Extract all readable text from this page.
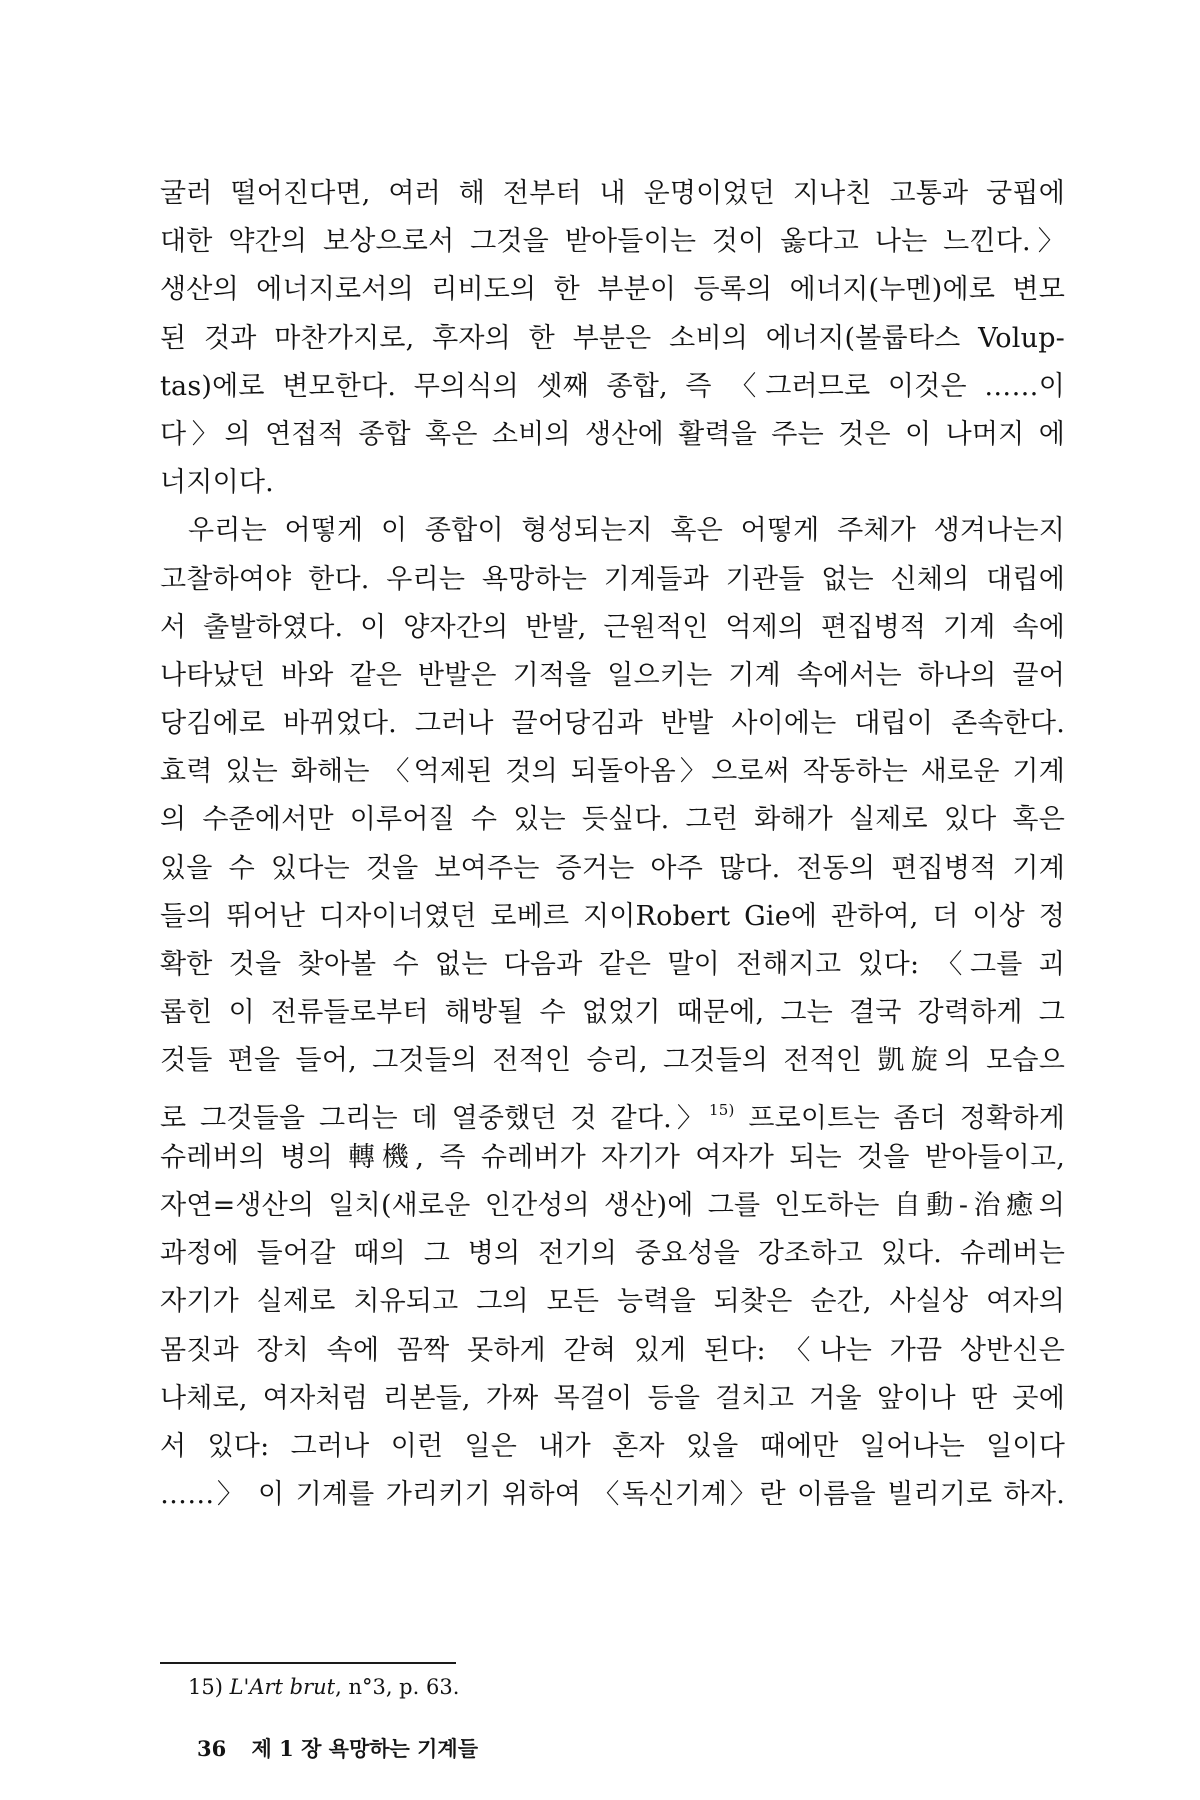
굴러 떨어진다면, 여러 해 전부터 내 운명이었던 지나친 고통과 궁핍에
대한 약간의 보상으로서 그것을 받아들이는 것이 옳다고 나는 느낀다.〉
생산의 에너지로서의 리비도의 한 부분이 등록의 에너지(누멘)에로 변모
된 것과 마찬가지로, 후자의 한 부분은 소비의 에너지(볼룹타스 Volup-
tas)에로 변모한다. 무의식의 셋째 종합, 즉 〈그러므로 이것은 ……이
다〉의 연접적 종합 혹은 소비의 생산에 활력을 주는 것은 이 나머지 에
너지이다.
우리는 어떻게 이 종합이 형성되는지 혹은 어떻게 주체가 생겨나는지
고찰하여야 한다. 우리는 욕망하는 기계들과 기관들 없는 신체의 대립에
서 출발하였다. 이 양자간의 반발, 근원적인 억제의 편집병적 기계 속에
나타났던 바와 같은 반발은 기적을 일으키는 기계 속에서는 하나의 끌어
당김에로 바뀌었다. 그러나 끌어당김과 반발 사이에는 대립이 존속한다.
효력 있는 화해는 〈억제된 것의 되돌아옴〉으로써 작동하는 새로운 기계
의 수준에서만 이루어질 수 있는 듯싶다. 그런 화해가 실제로 있다 혹은
있을 수 있다는 것을 보여주는 증거는 아주 많다. 전동의 편집병적 기계
들의 뛰어난 디자이너였던 로베르 지이Robert Gie에 관하여, 더 이상 정
확한 것을 찾아볼 수 없는 다음과 같은 말이 전해지고 있다: 〈그를 괴
롭힌 이 전류들로부터 해방될 수 없었기 때문에, 그는 결국 강력하게 그
것들 편을 들어, 그것들의 전적인 승리, 그것들의 전적인 凱旋의 모습으
로 그것들을 그리는 데 열중했던 것 같다.〉$^{15)}$ 프로이트는 좀더 정확하게
슈레버의 병의 轉機, 즉 슈레버가 자기가 여자가 되는 것을 받아들이고,
자연=생산의 일치(새로운 인간성의 생산)에 그를 인도하는 自動-治癒의
과정에 들어갈 때의 그 병의 전기의 중요성을 강조하고 있다. 슈레버는
자기가 실제로 치유되고 그의 모든 능력을 되찾은 순간, 사실상 여자의
몸짓과 장치 속에 꼼짝 못하게 갇혀 있게 된다: 〈나는 가끔 상반신은
나체로, 여자처럼 리본들, 가짜 목걸이 등을 걸치고 거울 앞이나 딴 곳에
서 있다: 그러나 이런 일은 내가 혼자 있을 때에만 일어나는 일이다
……〉 이 기계를 가리키기 위하여 〈독신기계〉란 이름을 빌리기로 하자.
15) L'Art brut, n°3, p. 63.
36 제 1 장 욕망하는 기계들
